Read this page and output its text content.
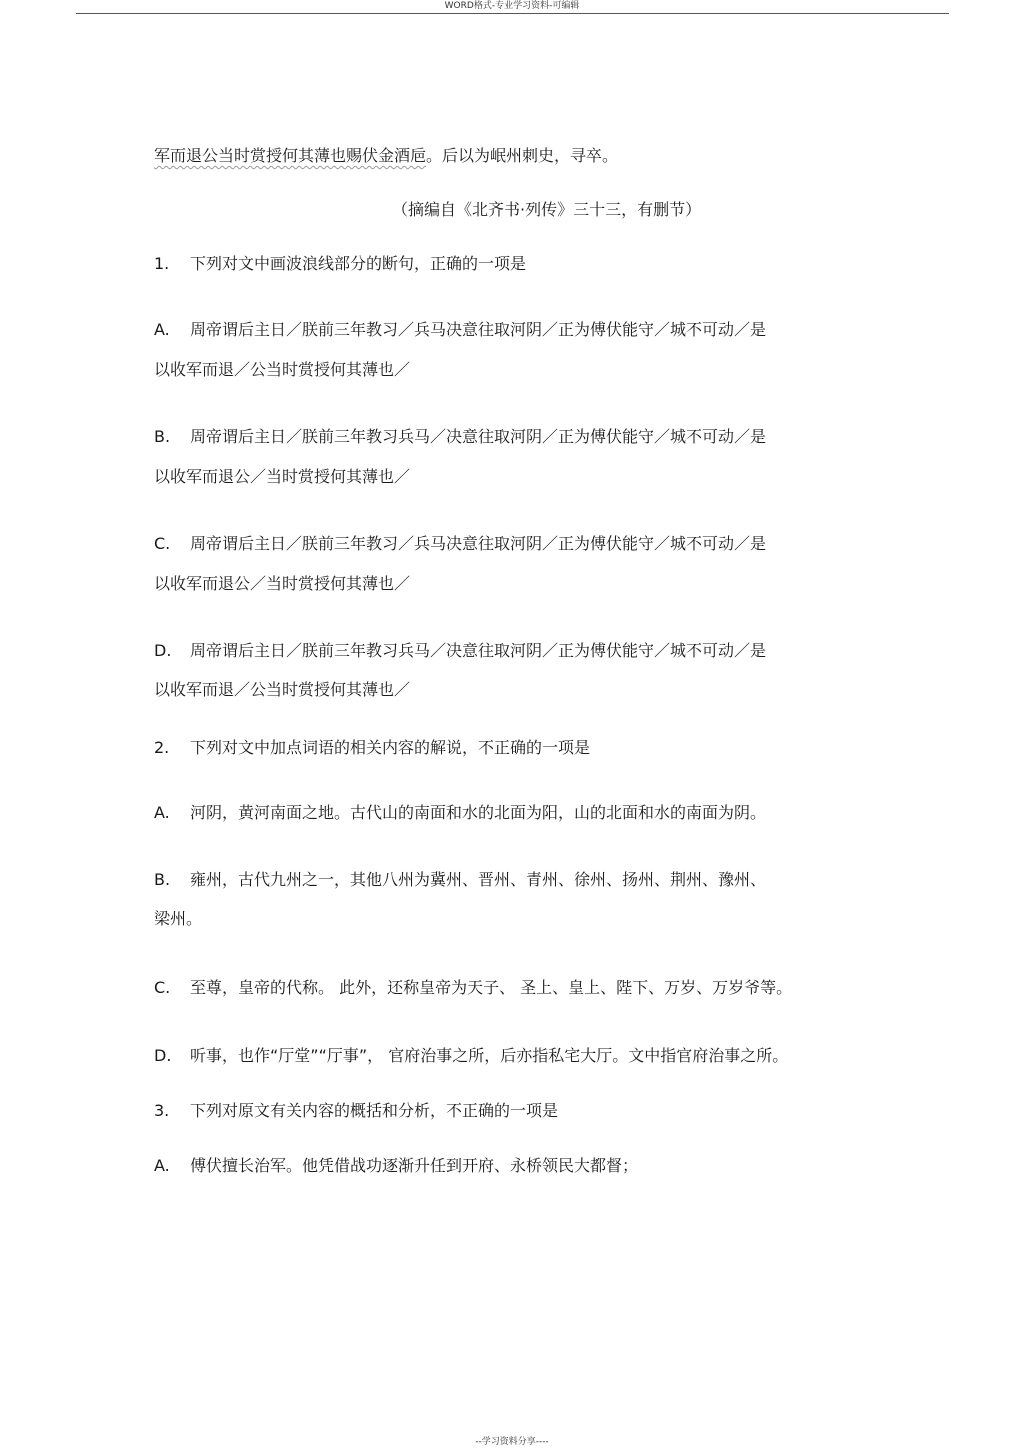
WORD格式-专业学习资料-可编辑
军而退公当时赏授何其薄也赐伏金酒巵。后以为岷州刺史，寻卒。
（摘编自《北齐书·列传》三十三，有删节）
1. 下列对文中画波浪线部分的断句，正确的一项是
A. 周帝谓后主日／朕前三年教习／兵马决意往取河阴／正为傅伏能守／城不可动／是
以收军而退／公当时赏授何其薄也／
B. 周帝谓后主日／朕前三年教习兵马／决意往取河阴／正为傅伏能守／城不可动／是
以收军而退公／当时赏授何其薄也／
C. 周帝谓后主日／朕前三年教习／兵马决意往取河阴／正为傅伏能守／城不可动／是
以收军而退公／当时赏授何其薄也／
D. 周帝谓后主日／朕前三年教习兵马／决意往取河阴／正为傅伏能守／城不可动／是
以收军而退／公当时赏授何其薄也／
2. 下列对文中加点词语的相关内容的解说，不正确的一项是
A. 河阴，黄河南面之地。古代山的南面和水的北面为阳，山的北面和水的南面为阴。
B. 雍州，古代九州之一，其他八州为冀州、晋州、青州、徐州、扬州、荆州、豫州、
梁州。
C. 至尊，皇帝的代称。 此外，还称皇帝为天子、 圣上、皇上、陛下、万岁、万岁爷等。
D. 听事，也作“厅堂”“厅事”， 官府治事之所，后亦指私宅大厅。文中指官府治事之所。
3. 下列对原文有关内容的概括和分析，不正确的一项是
A. 傅伏擅长治军。他凭借战功逐渐升任到开府、永桥领民大都督；
--学习资料分享----
